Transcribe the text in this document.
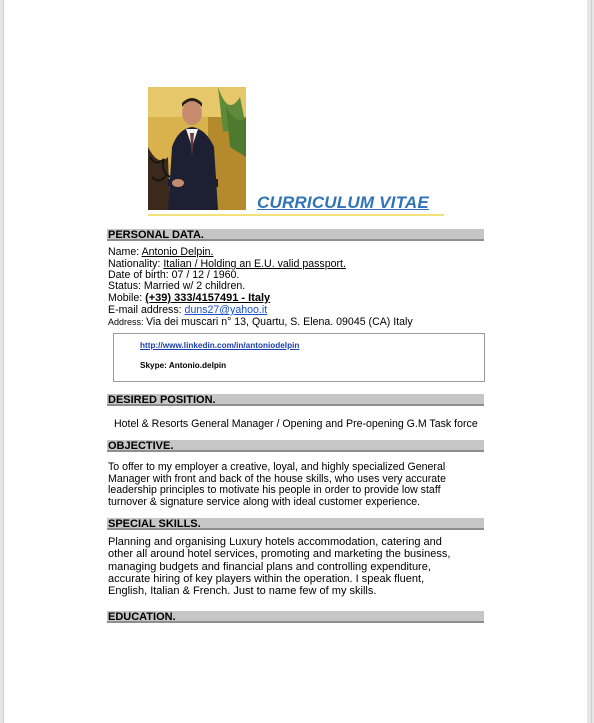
CURRICULUM VITAE
PERSONAL DATA.
Name: Antonio Delpin.
Nationality: Italian / Holding an E.U. valid passport.
Date of birth: 07 / 12 / 1960.
Status: Married w/ 2 children.
Mobile: (+39) 333/4157491 - Italy
E-mail address: duns27@yahoo.it
Address: Via dei muscari n° 13, Quartu, S. Elena. 09045 (CA) Italy
http://www.linkedin.com/in/antoniodelpin
Skype: Antonio.delpin
DESIRED POSITION.
Hotel & Resorts General Manager / Opening and Pre-opening G.M Task force
OBJECTIVE.
To offer to my employer a creative, loyal, and highly specialized General
Manager with front and back of the house skills, who uses very accurate
leadership principles to motivate his people in order to provide low staff
turnover & signature service along with ideal customer experience.
SPECIAL SKILLS.
Planning and organising Luxury hotels accommodation, catering and
other all around hotel services, promoting and marketing the business,
managing budgets and financial plans and controlling expenditure,
accurate hiring of key players within the operation. I speak fluent,
English, Italian & French. Just to name few of my skills.
EDUCATION.
